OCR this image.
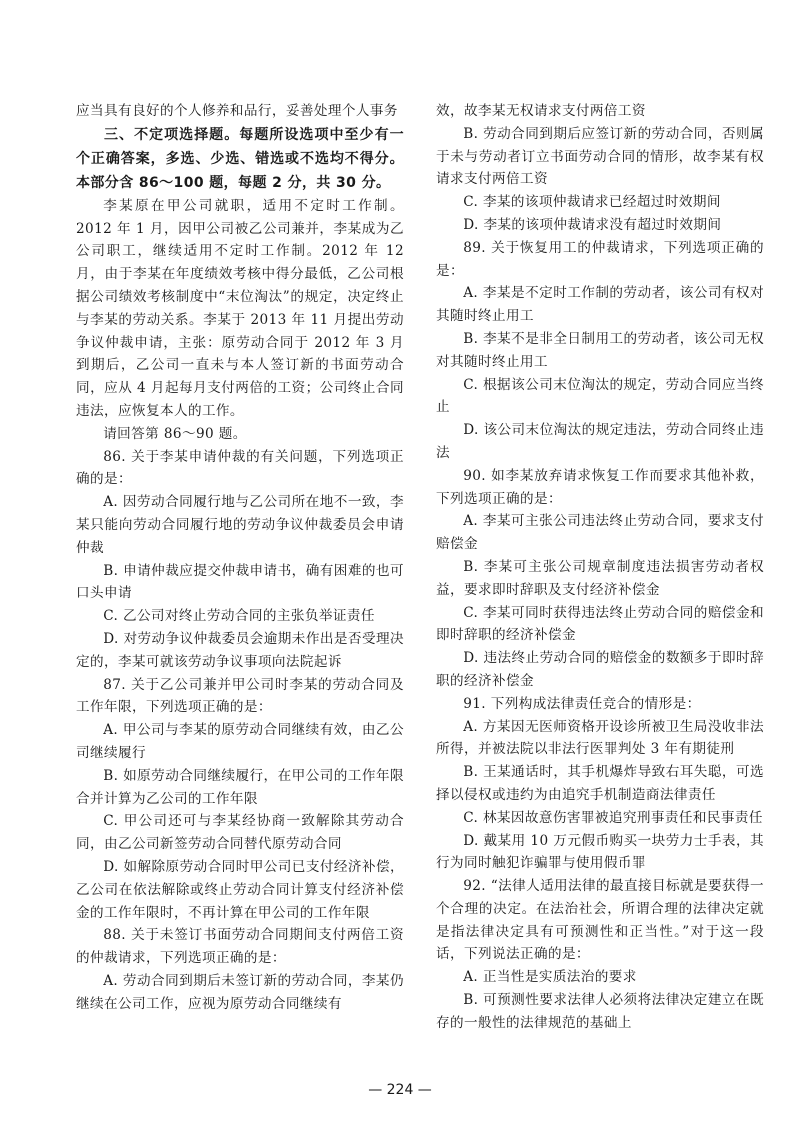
应当具有良好的个人修养和品行，妥善处理个人事务

三、不定项选择题。每题所设选项中至少有一个正确答案，多选、少选、错选或不选均不得分。本部分含 86～100 题，每题 2 分，共 30 分。

李某原在甲公司就职，适用不定时工作制。2012 年 1 月，因甲公司被乙公司兼并，李某成为乙公司职工，继续适用不定时工作制。2012 年 12 月，由于李某在年度绩效考核中得分最低，乙公司根据公司绩效考核制度中“末位淘汰”的规定，决定终止与李某的劳动关系。李某于 2013 年 11 月提出劳动争议仲裁申请，主张：原劳动合同于 2012 年 3 月到期后，乙公司一直未与本人签订新的书面劳动合同，应从 4 月起每月支付两倍的工资；公司终止合同违法，应恢复本人的工作。

请回答第 86～90 题。

86. 关于李某申请仲裁的有关问题，下列选项正确的是：

A. 因劳动合同履行地与乙公司所在地不一致，李某只能向劳动合同履行地的劳动争议仲裁委员会申请仲裁

B. 申请仲裁应提交仲裁申请书，确有困难的也可口头申请

C. 乙公司对终止劳动合同的主张负举证责任

D. 对劳动争议仲裁委员会逾期未作出是否受理决定的，李某可就该劳动争议事项向法院起诉

87. 关于乙公司兼并甲公司时李某的劳动合同及工作年限，下列选项正确的是：

A. 甲公司与李某的原劳动合同继续有效，由乙公司继续履行

B. 如原劳动合同继续履行，在甲公司的工作年限合并计算为乙公司的工作年限

C. 甲公司还可与李某经协商一致解除其劳动合同，由乙公司新签劳动合同替代原劳动合同

D. 如解除原劳动合同时甲公司已支付经济补偿，乙公司在依法解除或终止劳动合同计算支付经济补偿金的工作年限时，不再计算在甲公司的工作年限

88. 关于未签订书面劳动合同期间支付两倍工资的仲裁请求，下列选项正确的是：

A. 劳动合同到期后未签订新的劳动合同，李某仍继续在公司工作，应视为原劳动合同继续有

效，故李某无权请求支付两倍工资

B. 劳动合同到期后应签订新的劳动合同，否则属于未与劳动者订立书面劳动合同的情形，故李某有权请求支付两倍工资

C. 李某的该项仲裁请求已经超过时效期间

D. 李某的该项仲裁请求没有超过时效期间

89. 关于恢复用工的仲裁请求，下列选项正确的是：

A. 李某是不定时工作制的劳动者，该公司有权对其随时终止用工

B. 李某不是非全日制用工的劳动者，该公司无权对其随时终止用工

C. 根据该公司末位淘汰的规定，劳动合同应当终止

D. 该公司末位淘汰的规定违法，劳动合同终止违法

90. 如李某放弃请求恢复工作而要求其他补救，下列选项正确的是：

A. 李某可主张公司违法终止劳动合同，要求支付赔偿金

B. 李某可主张公司规章制度违法损害劳动者权益，要求即时辞职及支付经济补偿金

C. 李某可同时获得违法终止劳动合同的赔偿金和即时辞职的经济补偿金

D. 违法终止劳动合同的赔偿金的数额多于即时辞职的经济补偿金

91. 下列构成法律责任竞合的情形是：

A. 方某因无医师资格开设诊所被卫生局没收非法所得，并被法院以非法行医罪判处 3 年有期徒刑

B. 王某通话时，其手机爆炸导致右耳失聪，可选择以侵权或违约为由追究手机制造商法律责任

C. 林某因故意伤害罪被追究刑事责任和民事责任

D. 戴某用 10 万元假币购买一块劳力士手表，其行为同时触犯诈骗罪与使用假币罪

92. “法律人适用法律的最直接目标就是要获得一个合理的决定。在法治社会，所谓合理的法律决定就是指法律决定具有可预测性和正当性。”对于这一段话，下列说法正确的是：

A. 正当性是实质法治的要求

B. 可预测性要求法律人必须将法律决定建立在既存的一般性的法律规范的基础上

— 224 —
